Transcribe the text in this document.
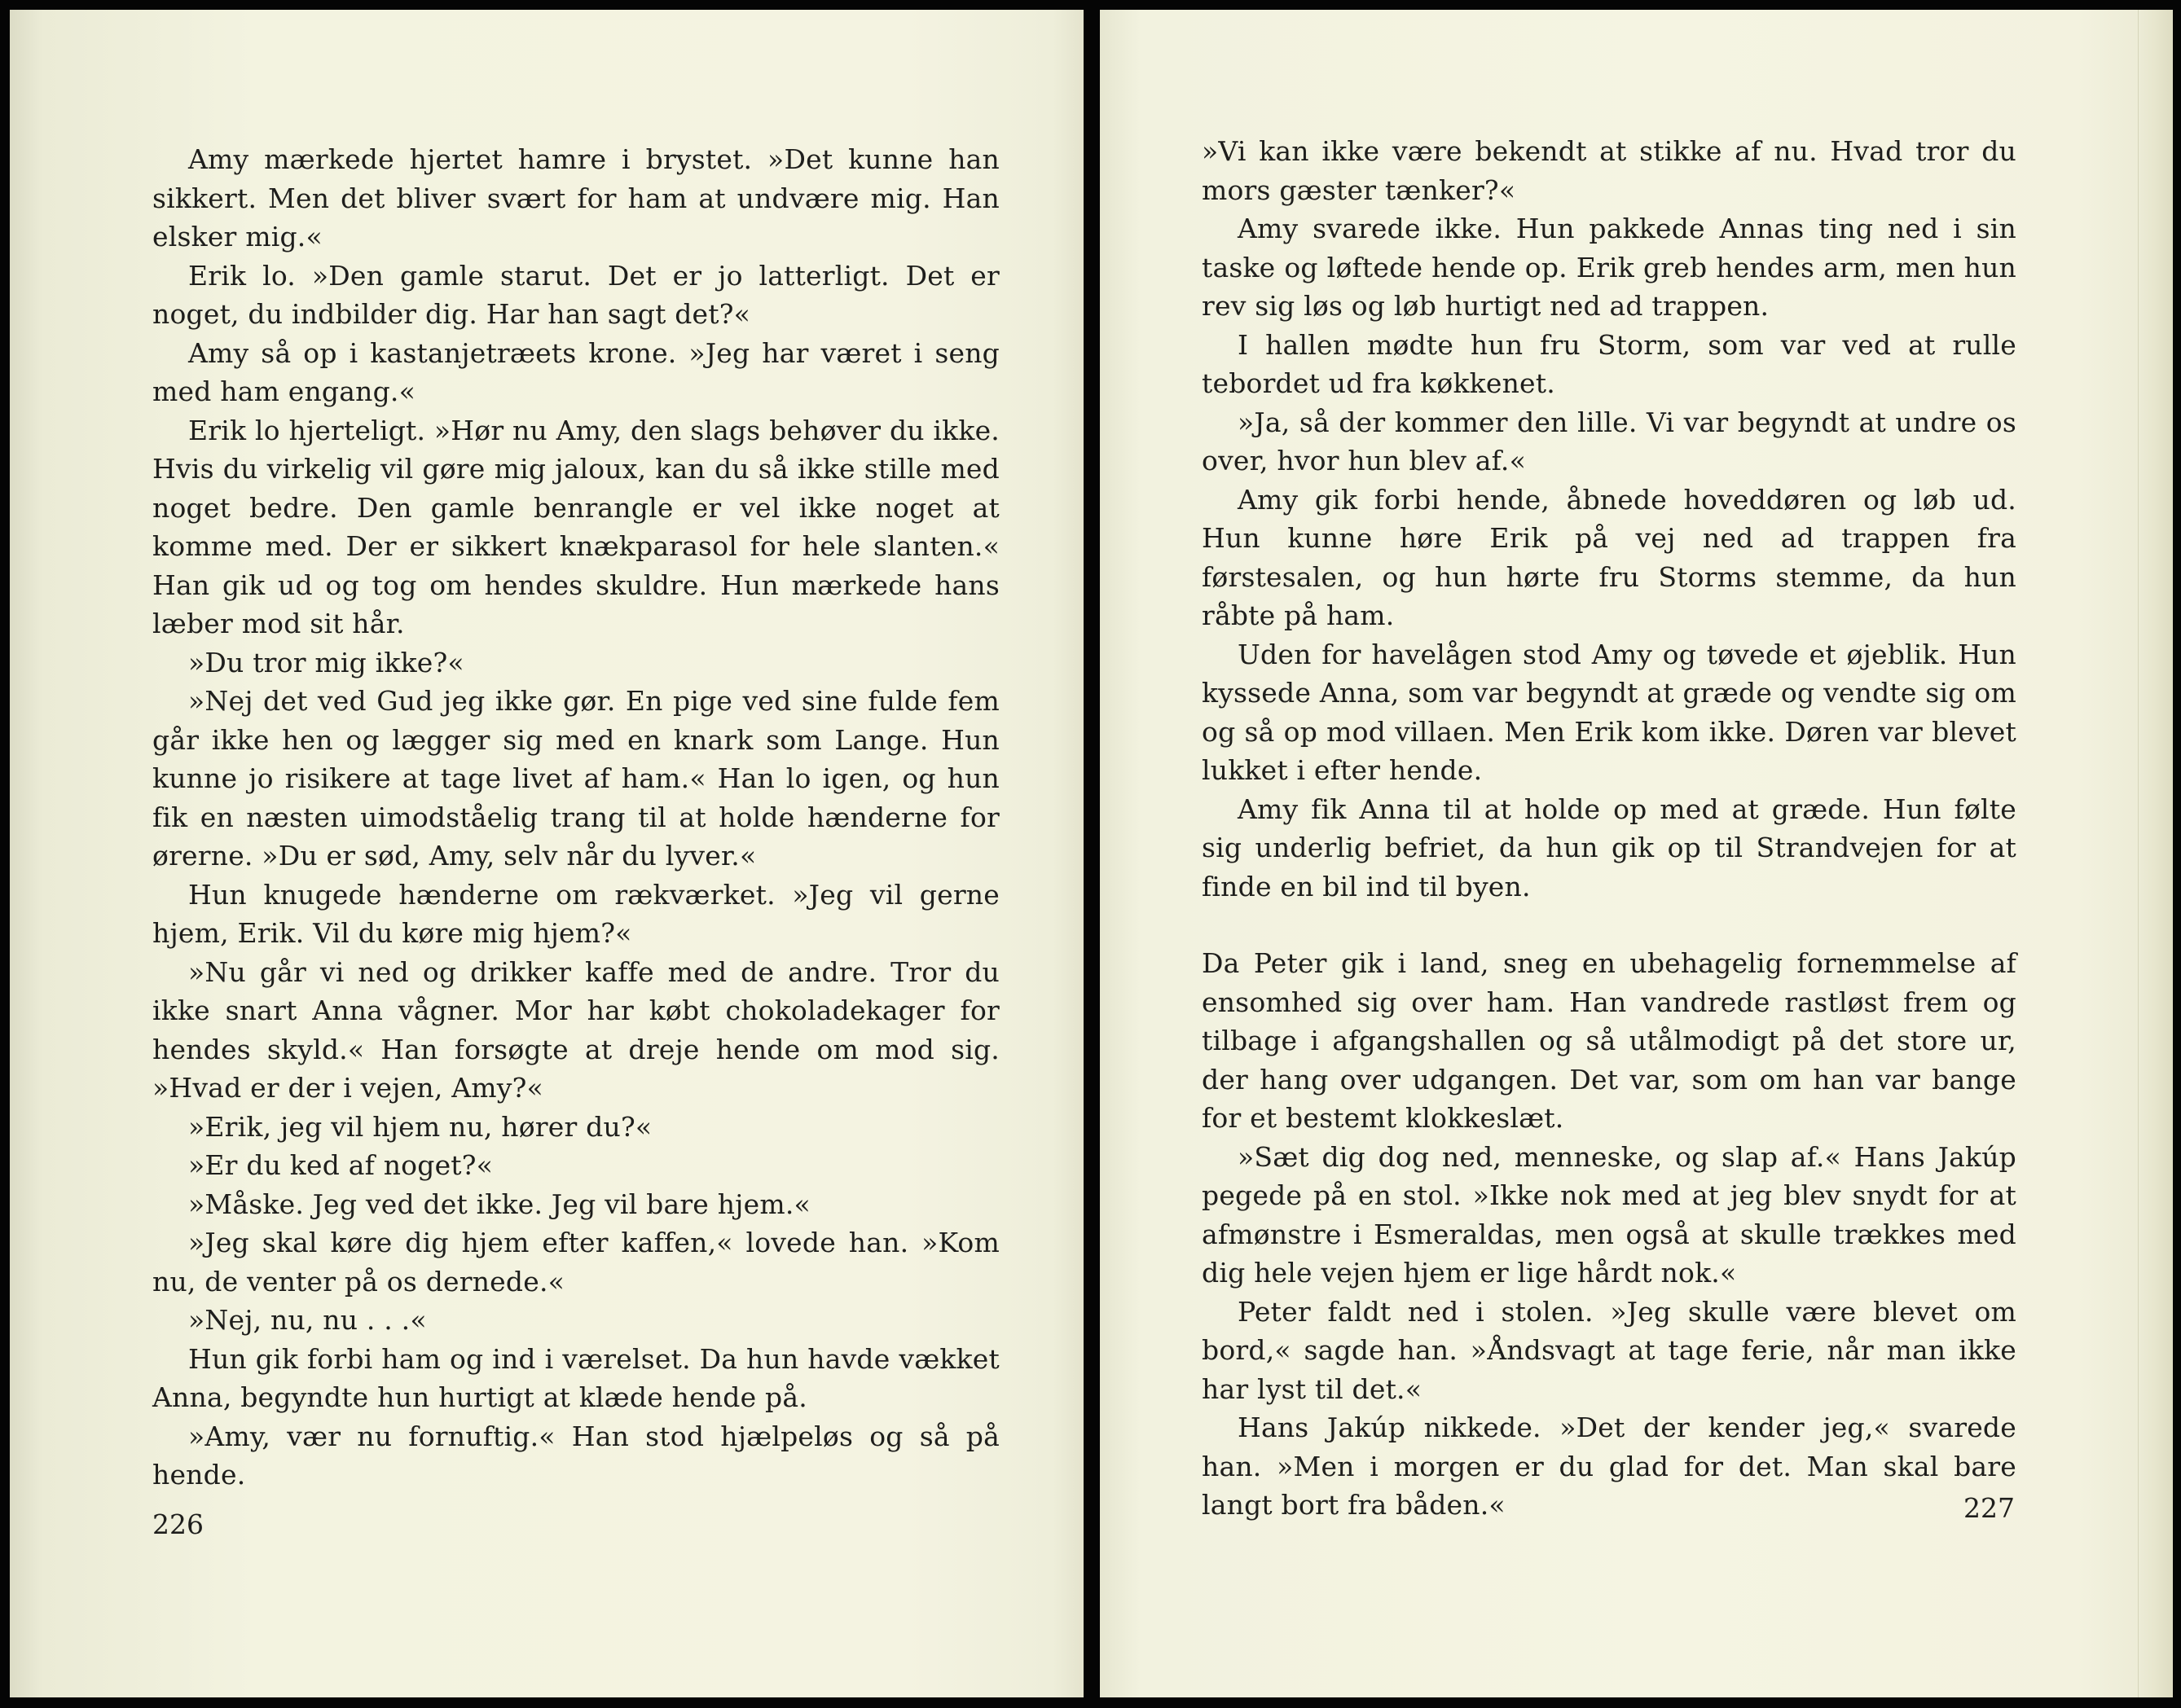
Amy mærkede hjertet hamre i brystet. »Det kunne han sikkert. Men det bliver svært for ham at undvære mig. Han elsker mig.«

Erik lo. »Den gamle starut. Det er jo latterligt. Det er noget, du indbilder dig. Har han sagt det?«

Amy så op i kastanjetræets krone. »Jeg har været i seng med ham engang.«

Erik lo hjerteligt. »Hør nu Amy, den slags behøver du ikke. Hvis du virkelig vil gøre mig jaloux, kan du så ikke stille med noget bedre. Den gamle benrangle er vel ikke noget at komme med. Der er sikkert knækparasol for hele slanten.« Han gik ud og tog om hendes skuldre. Hun mærkede hans læber mod sit hår.

»Du tror mig ikke?«

»Nej det ved Gud jeg ikke gør. En pige ved sine fulde fem går ikke hen og lægger sig med en knark som Lange. Hun kunne jo risikere at tage livet af ham.« Han lo igen, og hun fik en næsten uimodståelig trang til at holde hænderne for ørerne. »Du er sød, Amy, selv når du lyver.«

Hun knugede hænderne om rækværket. »Jeg vil gerne hjem, Erik. Vil du køre mig hjem?«

»Nu går vi ned og drikker kaffe med de andre. Tror du ikke snart Anna vågner. Mor har købt chokoladekager for hendes skyld.« Han forsøgte at dreje hende om mod sig. »Hvad er der i vejen, Amy?«

»Erik, jeg vil hjem nu, hører du?«

»Er du ked af noget?«

»Måske. Jeg ved det ikke. Jeg vil bare hjem.«

»Jeg skal køre dig hjem efter kaffen,« lovede han. »Kom nu, de venter på os dernede.«

»Nej, nu, nu . . .«

Hun gik forbi ham og ind i værelset. Da hun havde vækket Anna, begyndte hun hurtigt at klæde hende på.

»Amy, vær nu fornuftig.« Han stod hjælpeløs og så på hende.

226

»Vi kan ikke være bekendt at stikke af nu. Hvad tror du mors gæster tænker?«

Amy svarede ikke. Hun pakkede Annas ting ned i sin taske og løftede hende op. Erik greb hendes arm, men hun rev sig løs og løb hurtigt ned ad trappen.

I hallen mødte hun fru Storm, som var ved at rulle tebordet ud fra køkkenet.

»Ja, så der kommer den lille. Vi var begyndt at undre os over, hvor hun blev af.«

Amy gik forbi hende, åbnede hoveddøren og løb ud. Hun kunne høre Erik på vej ned ad trappen fra førstesalen, og hun hørte fru Storms stemme, da hun råbte på ham.

Uden for havelågen stod Amy og tøvede et øjeblik. Hun kyssede Anna, som var begyndt at græde og vendte sig om og så op mod villaen. Men Erik kom ikke. Døren var blevet lukket i efter hende.

Amy fik Anna til at holde op med at græde. Hun følte sig underlig befriet, da hun gik op til Strandvejen for at finde en bil ind til byen.

Da Peter gik i land, sneg en ubehagelig fornemmelse af ensomhed sig over ham. Han vandrede rastløst frem og tilbage i afgangshallen og så utålmodigt på det store ur, der hang over udgangen. Det var, som om han var bange for et bestemt klokkeslæt.

»Sæt dig dog ned, menneske, og slap af.« Hans Jakúp pegede på en stol. »Ikke nok med at jeg blev snydt for at afmønstre i Esmeraldas, men også at skulle trækkes med dig hele vejen hjem er lige hårdt nok.«

Peter faldt ned i stolen. »Jeg skulle være blevet om bord,« sagde han. »Åndsvagt at tage ferie, når man ikke har lyst til det.«

Hans Jakúp nikkede. »Det der kender jeg,« svarede han. »Men i morgen er du glad for det. Man skal bare langt bort fra båden.«	227
